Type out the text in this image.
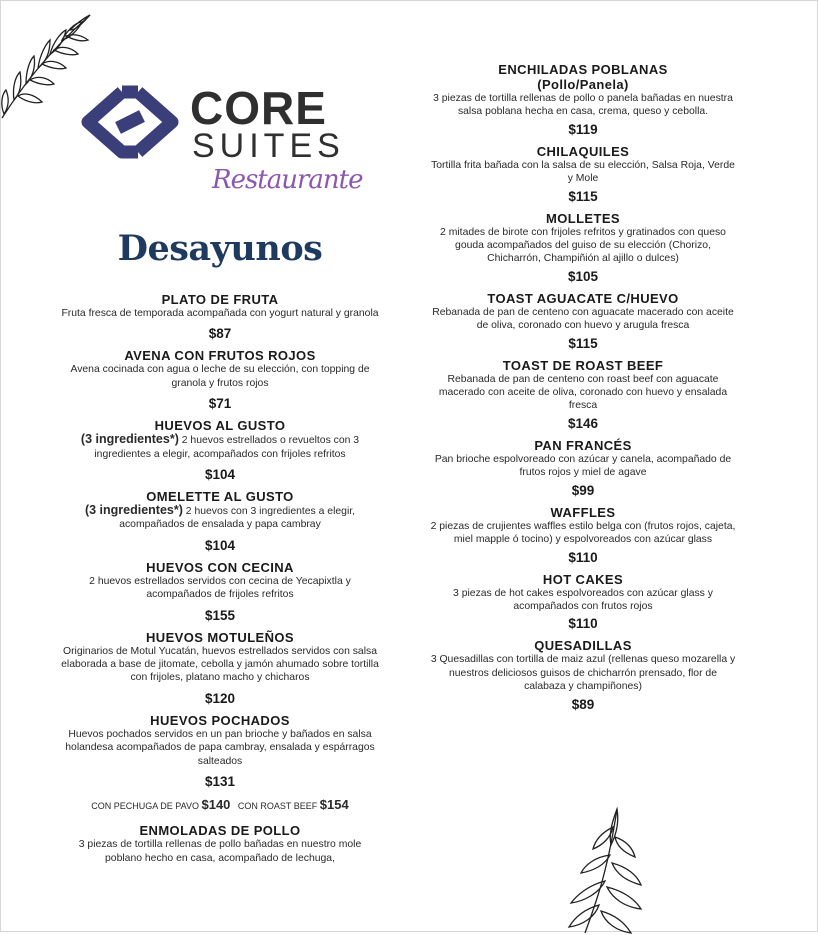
CORE
SUITES
Restaurante
Desayunos
PLATO DE FRUTA
Fruta fresca de temporada acompañada con yogurt natural y granola
$87
AVENA CON FRUTOS ROJOS
Avena cocinada con agua o leche de su elección, con topping de granola y frutos rojos
$71
HUEVOS AL GUSTO
(3 ingredientes*) 2 huevos estrellados o revueltos con 3 ingredientes a elegir, acompañados con frijoles refritos
$104
OMELETTE AL GUSTO
(3 ingredientes*) 2 huevos con 3 ingredientes a elegir, acompañados de ensalada y papa cambray
$104
HUEVOS CON CECINA
2 huevos estrellados servidos con cecina de Yecapixtla y acompañados de frijoles refritos
$155
HUEVOS MOTULEÑOS
Originarios de Motul Yucatán, huevos estrellados servidos con salsa elaborada a base de jitomate, cebolla y jamón ahumado sobre tortilla con frijoles, platano macho y chicharos
$120
HUEVOS POCHADOS
Huevos pochados servidos en un pan brioche y bañados en salsa holandesa acompañados de papa cambray, ensalada y espárragos salteados
$131
CON PECHUGA DE PAVO $140 CON ROAST BEEF $154
ENMOLADAS DE POLLO
3 piezas de tortilla rellenas de pollo bañadas en nuestro mole poblano hecho en casa, acompañado de lechuga,
ENCHILADAS POBLANAS
(Pollo/Panela)
3 piezas de tortilla rellenas de pollo o panela bañadas en nuestra salsa poblana hecha en casa, crema, queso y cebolla.
$119
CHILAQUILES
Tortilla frita bañada con la salsa de su elección, Salsa Roja, Verde y Mole
$115
MOLLETES
2 mitades de birote con frijoles refritos y gratinados con queso gouda acompañados del guiso de su elección (Chorizo, Chicharrón, Champiñión al ajillo o dulces)
$105
TOAST AGUACATE C/HUEVO
Rebanada de pan de centeno con aguacate macerado con aceite de oliva, coronado con huevo y arugula fresca
$115
TOAST DE ROAST BEEF
Rebanada de pan de centeno con roast beef con aguacate macerado con aceite de oliva, coronado con huevo y ensalada fresca
$146
PAN FRANCÉS
Pan brioche espolvoreado con azúcar y canela, acompañado de frutos rojos y miel de agave
$99
WAFFLES
2 piezas de crujientes waffles estilo belga con (frutos rojos, cajeta, miel mapple ó tocino) y espolvoreados con azúcar glass
$110
HOT CAKES
3 piezas de hot cakes espolvoreados con azúcar glass y acompañados con frutos rojos
$110
QUESADILLAS
3 Quesadillas con tortilla de maiz azul (rellenas queso mozarella y nuestros deliciosos guisos de chicharrón prensado, flor de calabaza y champiñones)
$89
